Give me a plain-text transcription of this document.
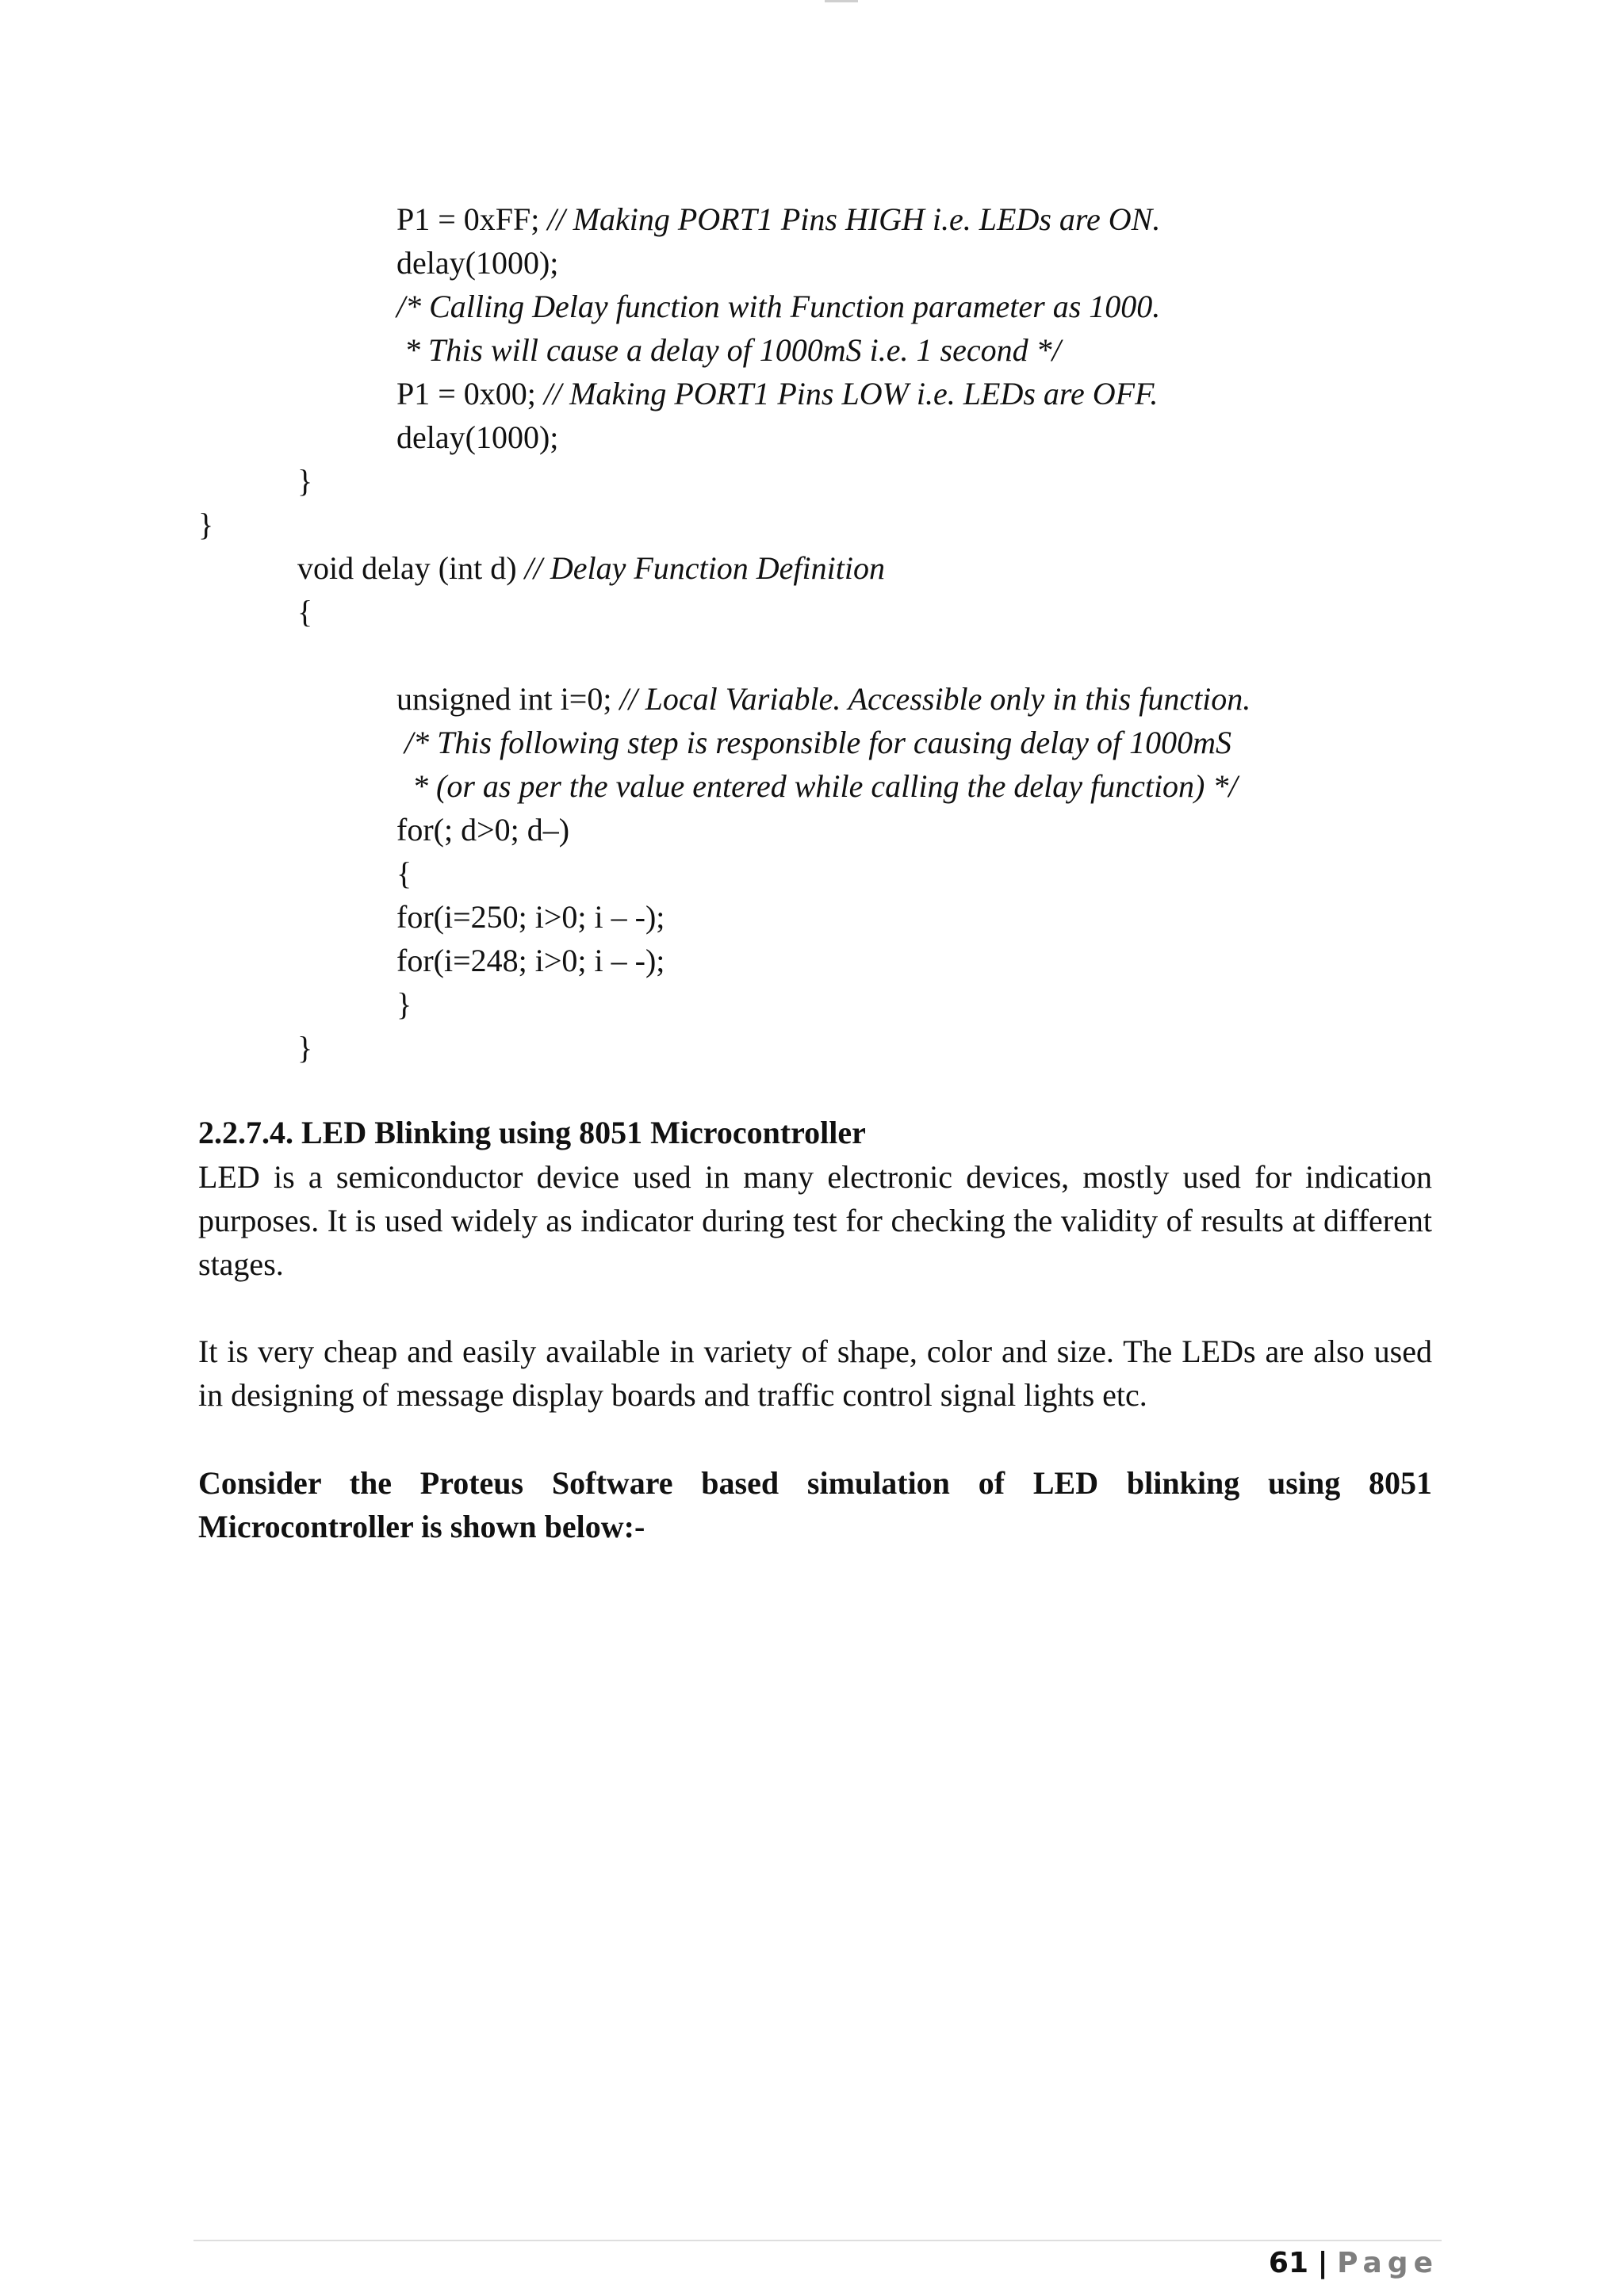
P1 = 0xFF; // Making PORT1 Pins HIGH i.e. LEDs are ON.
delay(1000);
/* Calling Delay function with Function parameter as 1000.
* This will cause a delay of 1000mS i.e. 1 second */
P1 = 0x00; // Making PORT1 Pins LOW i.e. LEDs are OFF.
delay(1000);
}
}
void delay (int d) // Delay Function Definition
{
unsigned int i=0; // Local Variable. Accessible only in this function.
/* This following step is responsible for causing delay of 1000mS
* (or as per the value entered while calling the delay function) */
for(; d>0; d–)
{
for(i=250; i>0; i – -);
for(i=248; i>0; i – -);
}
}
2.2.7.4. LED Blinking using 8051 Microcontroller
LED is a semiconductor device used in many electronic devices, mostly used for indication purposes. It is used widely as indicator during test for checking the validity of results at different stages.
It is very cheap and easily available in variety of shape, color and size. The LEDs are also used in designing of message display boards and traffic control signal lights etc.
Consider the Proteus Software based simulation of LED blinking using 8051 Microcontroller is shown below:-
61 | Page
